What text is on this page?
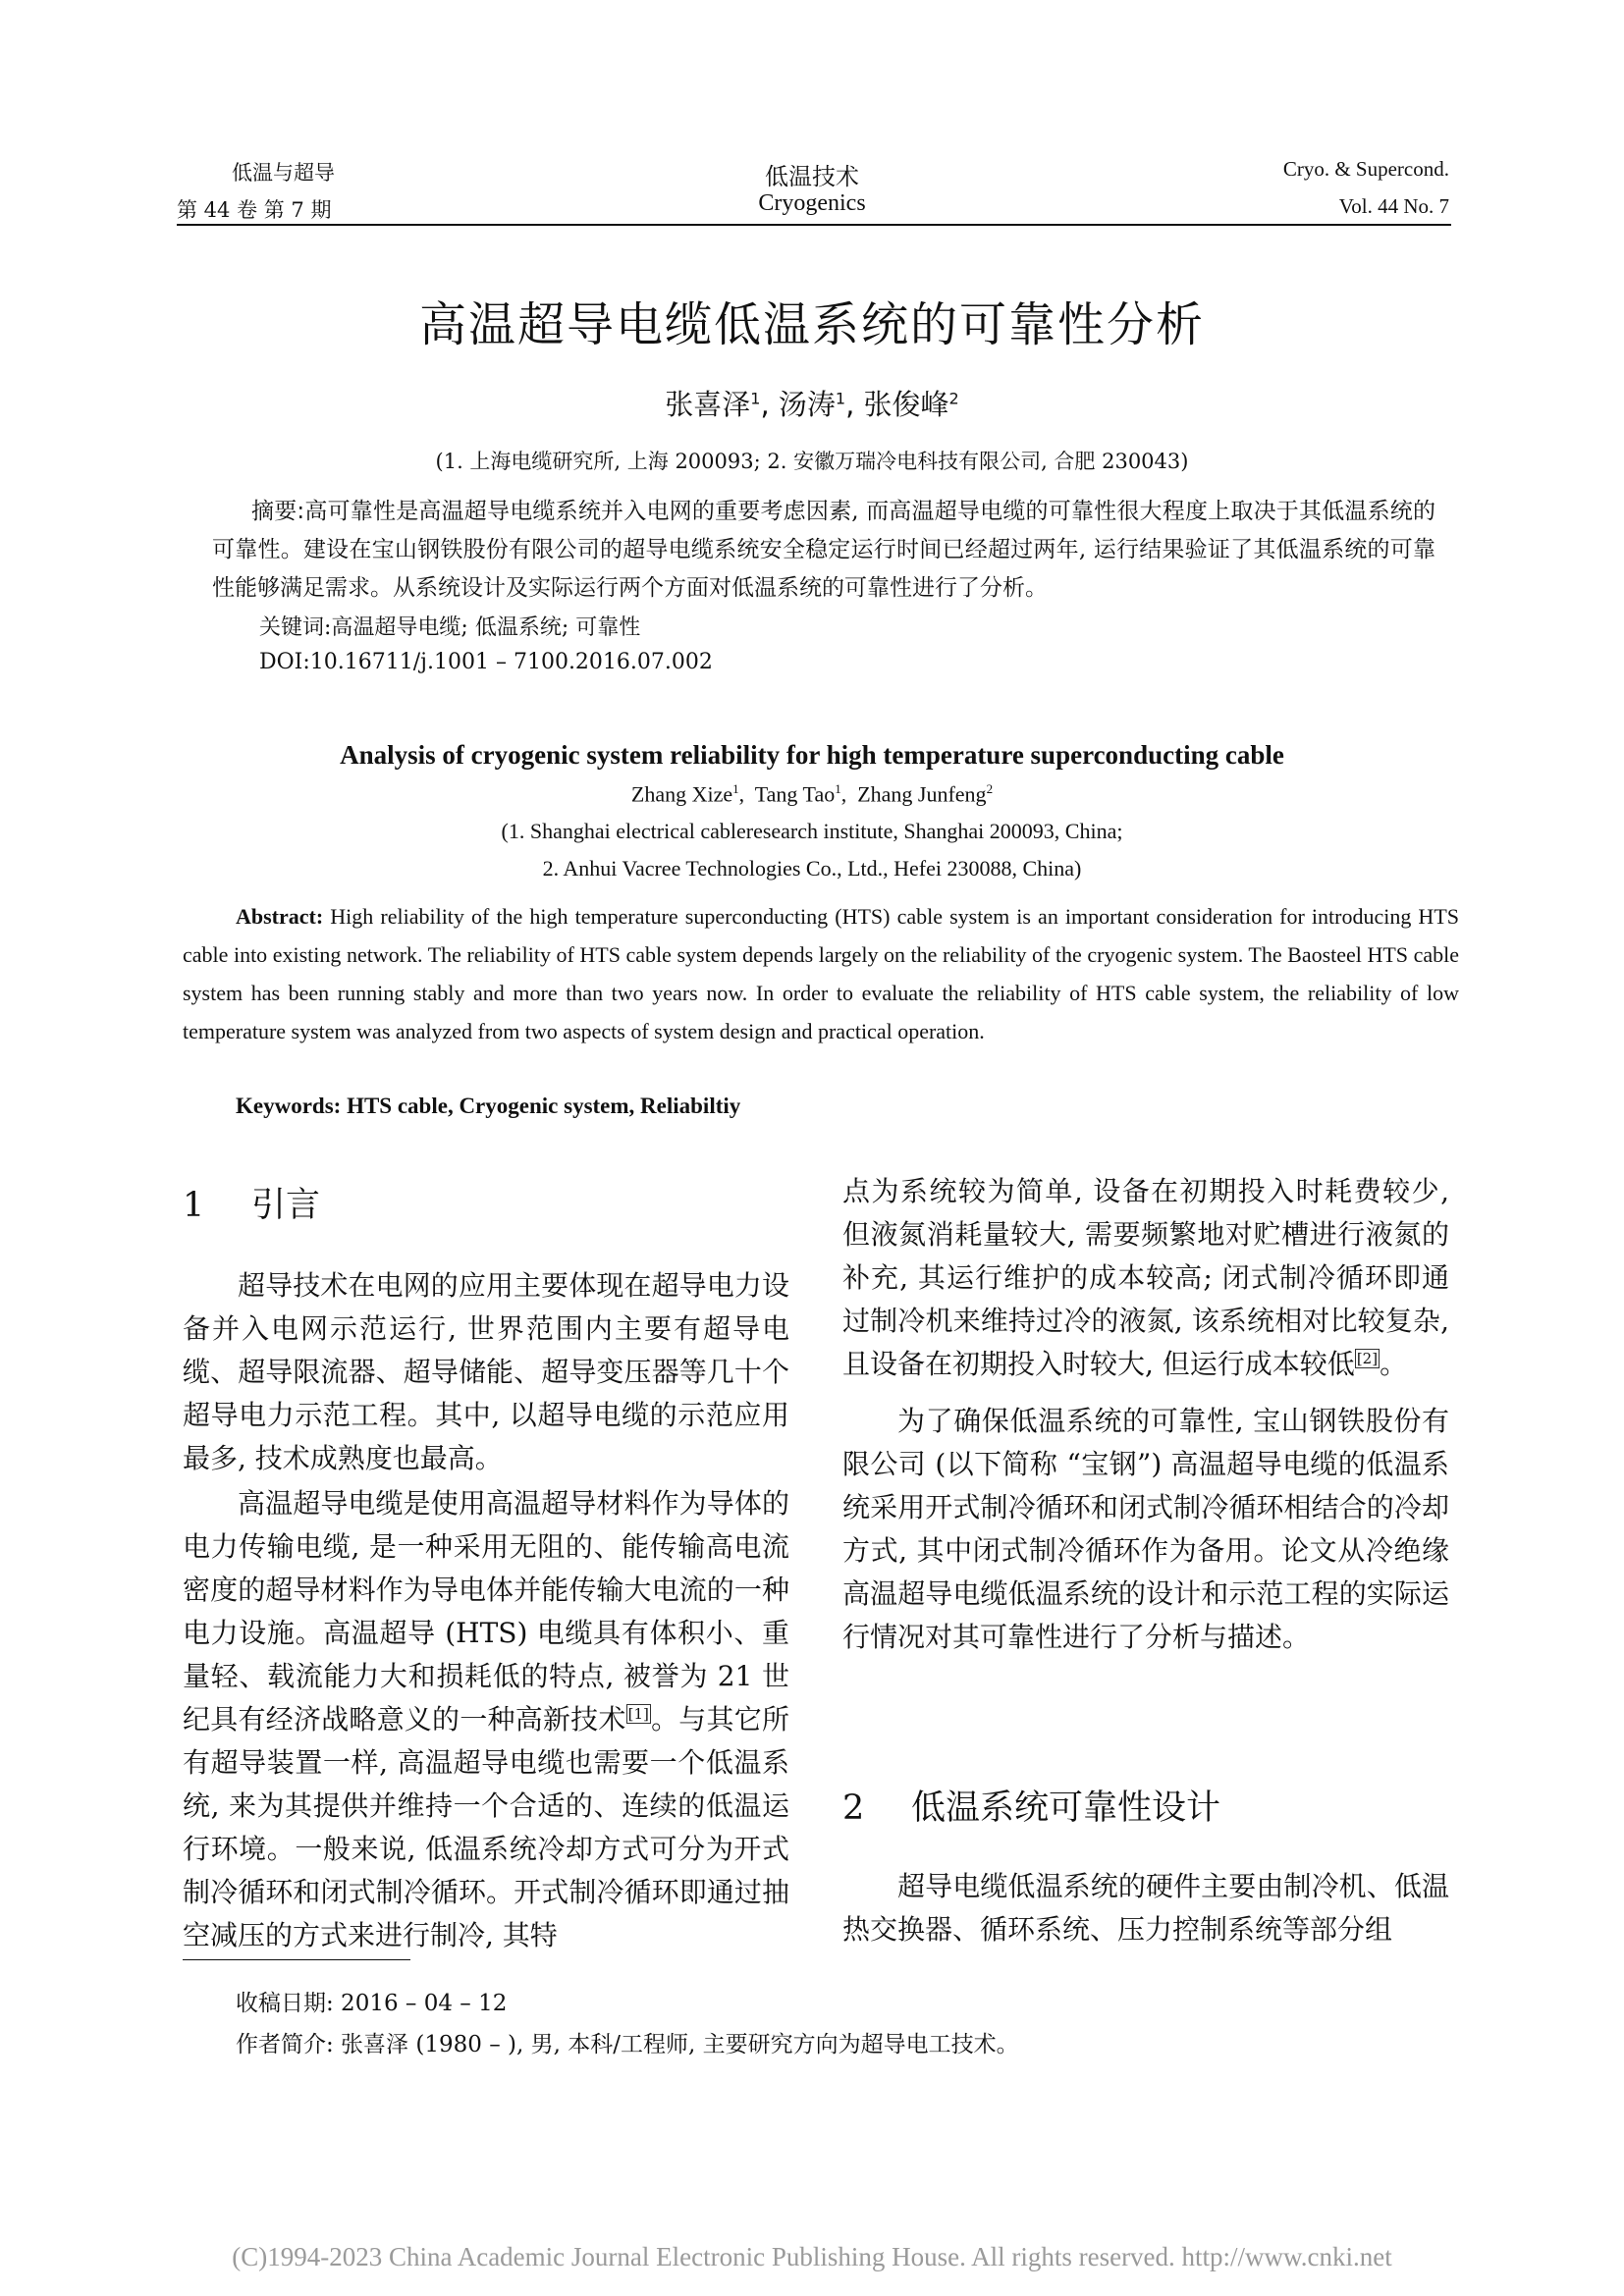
低温与超导
第 44 卷 第 7 期
低温技术
Cryogenics
Cryo. & Supercond.
Vol. 44 No. 7
高温超导电缆低温系统的可靠性分析
张喜泽$^1$, 汤涛$^1$, 张俊峰$^2$
(1. 上海电缆研究所, 上海 200093; 2. 安徽万瑞冷电科技有限公司, 合肥 230043)
摘要:高可靠性是高温超导电缆系统并入电网的重要考虑因素, 而高温超导电缆的可靠性很大程度上取决于其低温系统的可靠性。建设在宝山钢铁股份有限公司的超导电缆系统安全稳定运行时间已经超过两年, 运行结果验证了其低温系统的可靠性能够满足需求。从系统设计及实际运行两个方面对低温系统的可靠性进行了分析。
关键词:高温超导电缆; 低温系统; 可靠性
DOI:10.16711/j.1001 – 7100.2016.07.002
Analysis of cryogenic system reliability for high temperature superconducting cable
Zhang Xize$^1$,  Tang Tao$^1$,  Zhang Junfeng$^2$
(1. Shanghai electrical cableresearch institute, Shanghai 200093, China;
2. Anhui Vacree Technologies Co., Ltd., Hefei 230088, China)
Abstract: High reliability of the high temperature superconducting (HTS) cable system is an important consideration for introducing HTS cable into existing network. The reliability of HTS cable system depends largely on the reliability of the cryogenic system. The Baosteel HTS cable system has been running stably and more than two years now. In order to evaluate the reliability of HTS cable system, the reliability of low temperature system was analyzed from two aspects of system design and practical operation.
Keywords: HTS cable, Cryogenic system, Reliabiltiy
1 引言

超导技术在电网的应用主要体现在超导电力设备并入电网示范运行, 世界范围内主要有超导电缆、超导限流器、超导储能、超导变压器等几十个超导电力示范工程。其中, 以超导电缆的示范应用最多, 技术成熟度也最高。

高温超导电缆是使用高温超导材料作为导体的电力传输电缆, 是一种采用无阻的、能传输高电流密度的超导材料作为导电体并能传输大电流的一种电力设施。高温超导 (HTS) 电缆具有体积小、重量轻、载流能力大和损耗低的特点, 被誉为 21 世纪具有经济战略意义的一种高新技术 [1]。与其它所有超导装置一样, 高温超导电缆也需要一个低温系统, 来为其提供并维持一个合适的、连续的低温运行环境。一般来说, 低温系统冷却方式可分为开式制冷循环和闭式制冷循环。开式制冷循环即通过抽空减压的方式来进行制冷, 其特

点为系统较为简单, 设备在初期投入时耗费较少, 但液氮消耗量较大, 需要频繁地对贮槽进行液氮的补充, 其运行维护的成本较高; 闭式制冷循环即通过制冷机来维持过冷的液氮, 该系统相对比较复杂, 且设备在初期投入时较大, 但运行成本较低 [2]。

为了确保低温系统的可靠性, 宝山钢铁股份有限公司 (以下简称 “宝钢”) 高温超导电缆的低温系统采用开式制冷循环和闭式制冷循环相结合的冷却方式, 其中闭式制冷循环作为备用。论文从冷绝缘高温超导电缆低温系统的设计和示范工程的实际运行情况对其可靠性进行了分析与描述。

2 低温系统可靠性设计

超导电缆低温系统的硬件主要由制冷机、低温热交换器、循环系统、压力控制系统等部分组

收稿日期: 2016 – 04 – 12
作者简介: 张喜泽 (1980 – ), 男, 本科/工程师, 主要研究方向为超导电工技术。
(C)1994-2023 China Academic Journal Electronic Publishing House. All rights reserved. http://www.cnki.net
